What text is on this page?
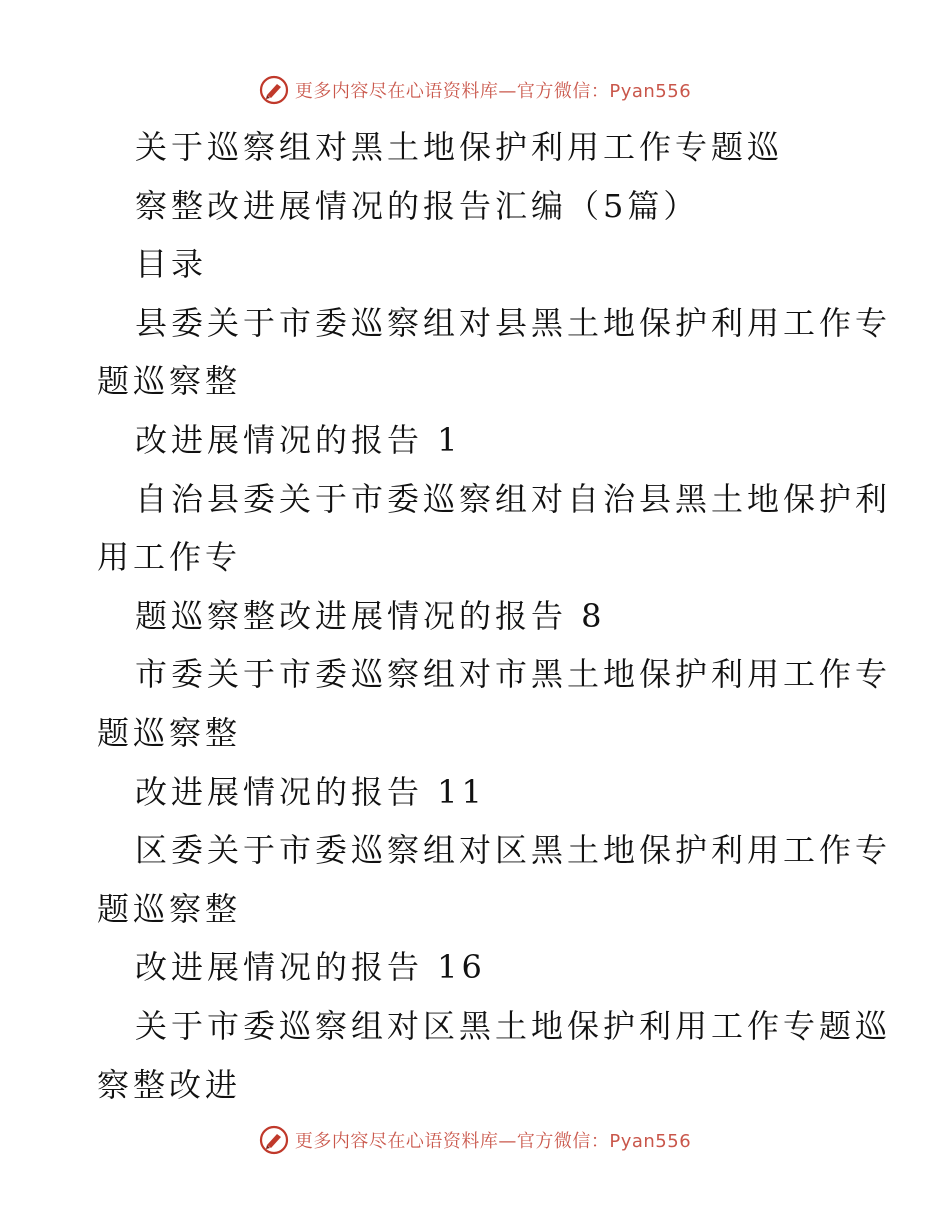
更多内容尽在心语资料库—官方微信：Pyan556
关于巡察组对黑土地保护利用工作专题巡
察整改进展情况的报告汇编（5篇）
目录
县委关于市委巡察组对县黑土地保护利用工作专
题巡察整
改进展情况的报告 1
自治县委关于市委巡察组对自治县黑土地保护利
用工作专
题巡察整改进展情况的报告 8
市委关于市委巡察组对市黑土地保护利用工作专
题巡察整
改进展情况的报告 11
区委关于市委巡察组对区黑土地保护利用工作专
题巡察整
改进展情况的报告 16
关于市委巡察组对区黑土地保护利用工作专题巡
察整改进
更多内容尽在心语资料库—官方微信：Pyan556
